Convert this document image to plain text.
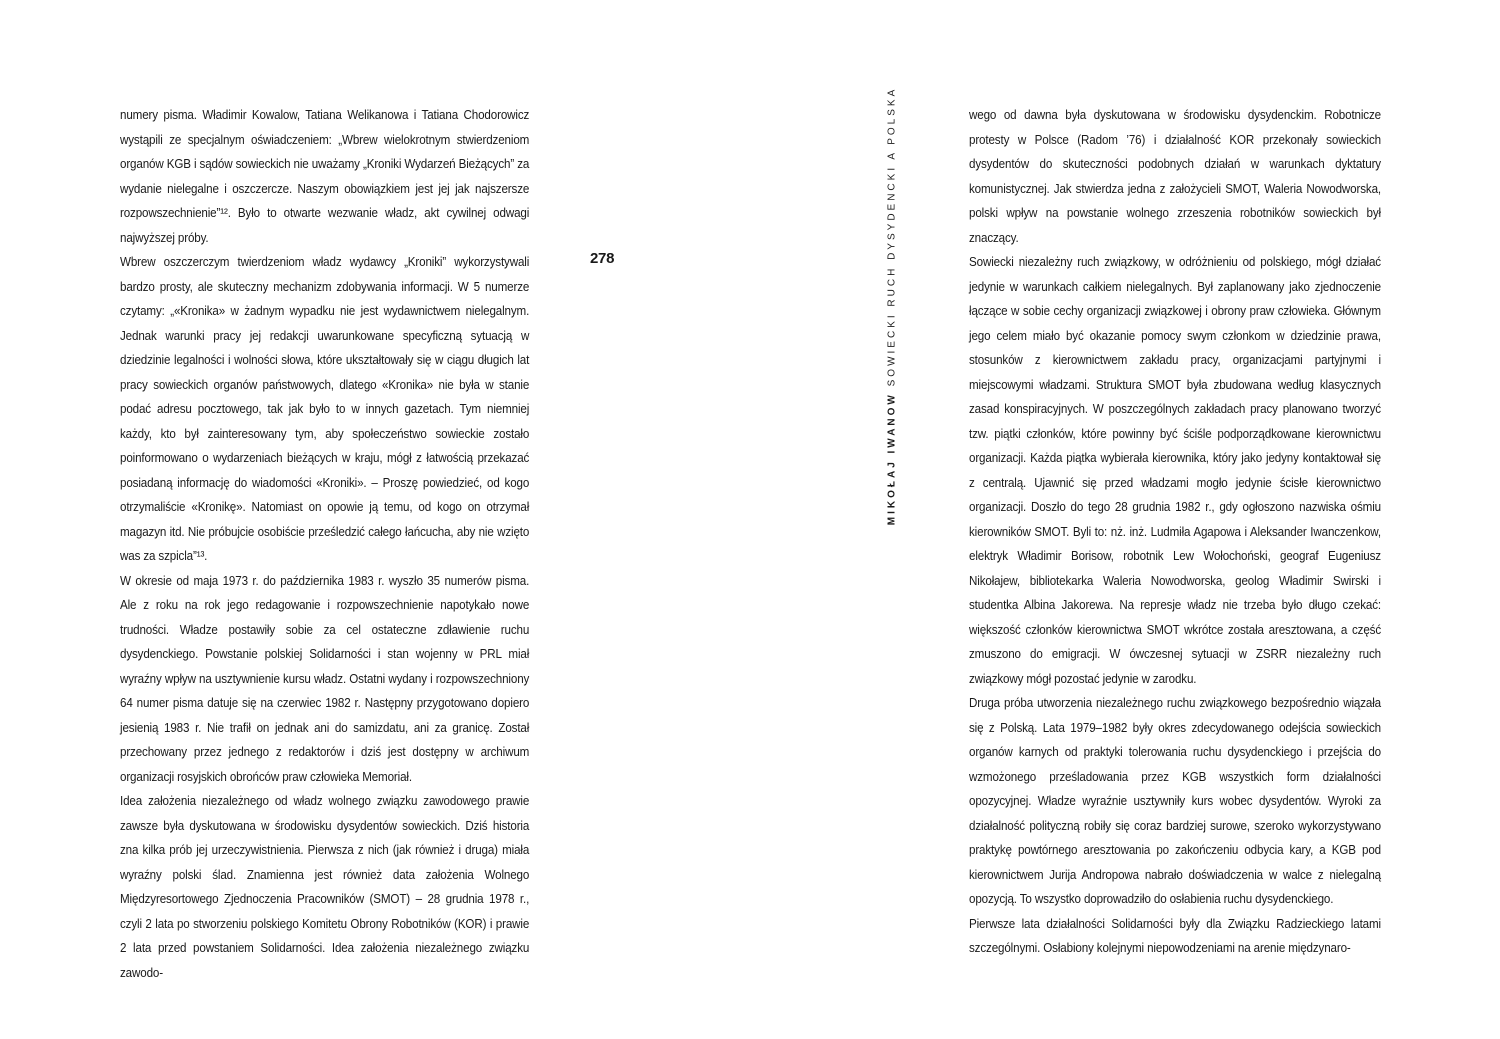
numery pisma. Władimir Kowalow, Tatiana Welikanowa i Tatiana Chodorowicz wystąpili ze specjalnym oświadczeniem: „Wbrew wielokrotnym stwierdzeniom organów KGB i sądów sowieckich nie uważamy „Kroniki Wydarzeń Bieżących” za wydanie nielegalne i oszczercze. Naszym obowiązkiem jest jej jak najszersze rozpowszechnienie”¹². Było to otwarte wezwanie władz, akt cywilnej odwagi najwyższej próby.

Wbrew oszczerczym twierdzeniom władz wydawcy „Kroniki” wykorzystywali bardzo prosty, ale skuteczny mechanizm zdobywania informacji. W 5 numerze czytamy: „«Kronika» w żadnym wypadku nie jest wydawnictwem nielegalnym. Jednak warunki pracy jej redakcji uwarunkowane specyficzną sytuacją w dziedzinie legalności i wolności słowa, które ukształtowały się w ciągu długich lat pracy sowieckich organów państwowych, dlatego «Kronika» nie była w stanie podać adresu pocztowego, tak jak było to w innych gazetach. Tym niemniej każdy, kto był zainteresowany tym, aby społeczeństwo sowieckie zostało poinformowano o wydarzeniach bieżących w kraju, mógł z łatwością przekazać posiadaną informację do wiadomości «Kroniki». – Proszę powiedzieć, od kogo otrzymaliście «Kronikę». Natomiast on opowie ją temu, od kogo on otrzymał magazyn itd. Nie próbujcie osobiście prześledzić całego łańcucha, aby nie wzięto was za szpicla”¹³.

W okresie od maja 1973 r. do października 1983 r. wyszło 35 numerów pisma. Ale z roku na rok jego redagowanie i rozpowszechnienie napotykało nowe trudności. Władze postawiły sobie za cel ostateczne zdławienie ruchu dysydenckiego. Powstanie polskiej Solidarności i stan wojenny w PRL miał wyraźny wpływ na usztywnienie kursu władz. Ostatni wydany i rozpowszechniony 64 numer pisma datuje się na czerwiec 1982 r. Następny przygotowano dopiero jesienią 1983 r. Nie trafił on jednak ani do samizdatu, ani za granicę. Został przechowany przez jednego z redaktorów i dziś jest dostępny w archiwum organizacji rosyjskich obrońców praw człowieka Memoriał.

Idea założenia niezależnego od władz wolnego związku zawodowego prawie zawsze była dyskutowana w środowisku dysydentów sowieckich. Dziś historia zna kilka prób jej urzeczywistnienia. Pierwsza z nich (jak również i druga) miała wyraźny polski ślad. Znamienna jest również data założenia Wolnego Międzyresortowego Zjednoczenia Pracowników (SMOT) – 28 grudnia 1978 r., czyli 2 lata po stworzeniu polskiego Komitetu Obrony Robotników (KOR) i prawie 2 lata przed powstaniem Solidarności. Idea założenia niezależnego związku zawodo-

278
MIKOŁAJ IWANOW SOWIECKI RUCH DYSYDENCKI A POLSKA	wego od dawna była dyskutowana w środowisku dysydenckim. Robotnicze protesty w Polsce (Radom ’76) i działalność KOR przekonały sowieckich dysydentów do skuteczności podobnych działań w warunkach dyktatury komunistycznej. Jak stwierdza jedna z założycieli SMOT, Waleria Nowodworska, polski wpływ na powstanie wolnego zrzeszenia robotników sowieckich był znaczący.

Sowiecki niezależny ruch związkowy, w odróżnieniu od polskiego, mógł działać jedynie w warunkach całkiem nielegalnych. Był zaplanowany jako zjednoczenie łączące w sobie cechy organizacji związkowej i obrony praw człowieka. Głównym jego celem miało być okazanie pomocy swym członkom w dziedzinie prawa, stosunków z kierownictwem zakładu pracy, organizacjami partyjnymi i miejscowymi władzami. Struktura SMOT była zbudowana według klasycznych zasad konspiracyjnych. W poszczególnych zakładach pracy planowano tworzyć tzw. piątki członków, które powinny być ściśle podporządkowane kierownictwu organizacji. Każda piątka wybierała kierownika, który jako jedyny kontaktował się z centralą. Ujawnić się przed władzami mogło jedynie ścisłe kierownictwo organizacji. Doszło do tego 28 grudnia 1982 r., gdy ogłoszono nazwiska ośmiu kierowników SMOT. Byli to: nż. inż. Ludmiła Agapowa i Aleksander Iwanczenkow, elektryk Władimir Borisow, robotnik Lew Wołochoński, geograf Eugeniusz Nikołajew, bibliotekarka Waleria Nowodworska, geolog Władimir Swirski i studentka Albina Jakorewa. Na represje władz nie trzeba było długo czekać: większość członków kierownictwa SMOT wkrótce została aresztowana, a część zmuszono do emigracji. W ówczesnej sytuacji w ZSRR niezależny ruch związkowy mógł pozostać jedynie w zarodku.

Druga próba utworzenia niezależnego ruchu związkowego bezpośrednio wiązała się z Polską. Lata 1979–1982 były okres zdecydowanego odejścia sowieckich organów karnych od praktyki tolerowania ruchu dysydenckiego i przejścia do wzmożonego prześladowania przez KGB wszystkich form działalności opozycyjnej. Władze wyraźnie usztywniły kurs wobec dysydentów. Wyroki za działalność polityczną robiły się coraz bardziej surowe, szeroko wykorzystywano praktykę powtórnego aresztowania po zakończeniu odbycia kary, a KGB pod kierownictwem Jurija Andropowa nabrało doświadczenia w walce z nielegalną opozycją. To wszystko doprowadziło do osłabienia ruchu dysydenckiego.

Pierwsze lata działalności Solidarności były dla Związku Radzieckiego latami szczególnymi. Osłabiony kolejnymi niepowodzeniami na arenie międzynaro-
